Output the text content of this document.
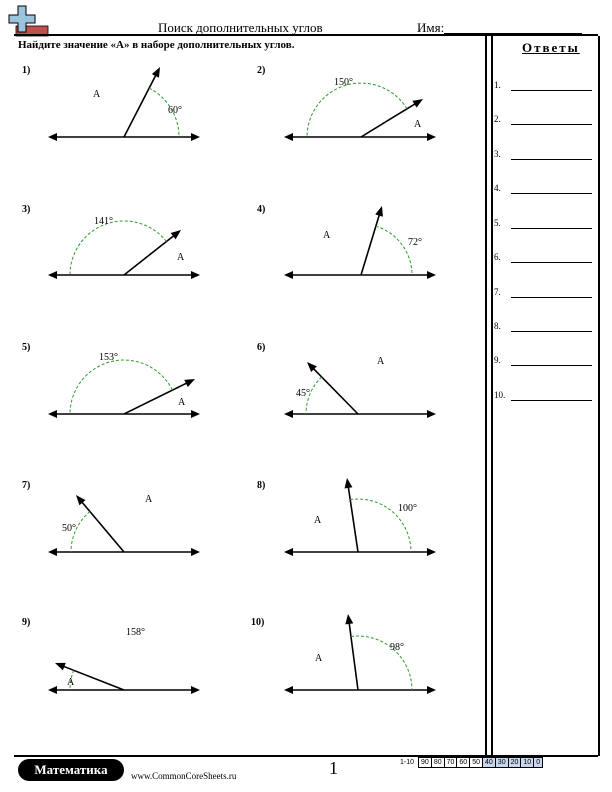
Поиск дополнительных углов	Имя:
Найдите значение «A» в наборе дополнительных углов.	Ответы
1.
2.
3.
4.
5.
6.
7.
8.
9.
10.
1)
60°
A
2)
150°
A
3)
141°
A
4)
72°
A
5)
153°
A
6)
45°
A
7)
50°
A
8)
100°
A
9)
158°
A
10)
98°
A
Математика	www.CommonCoreSheets.ru	1	1-10	90	80	70	60	50	40	30	20	10	0
